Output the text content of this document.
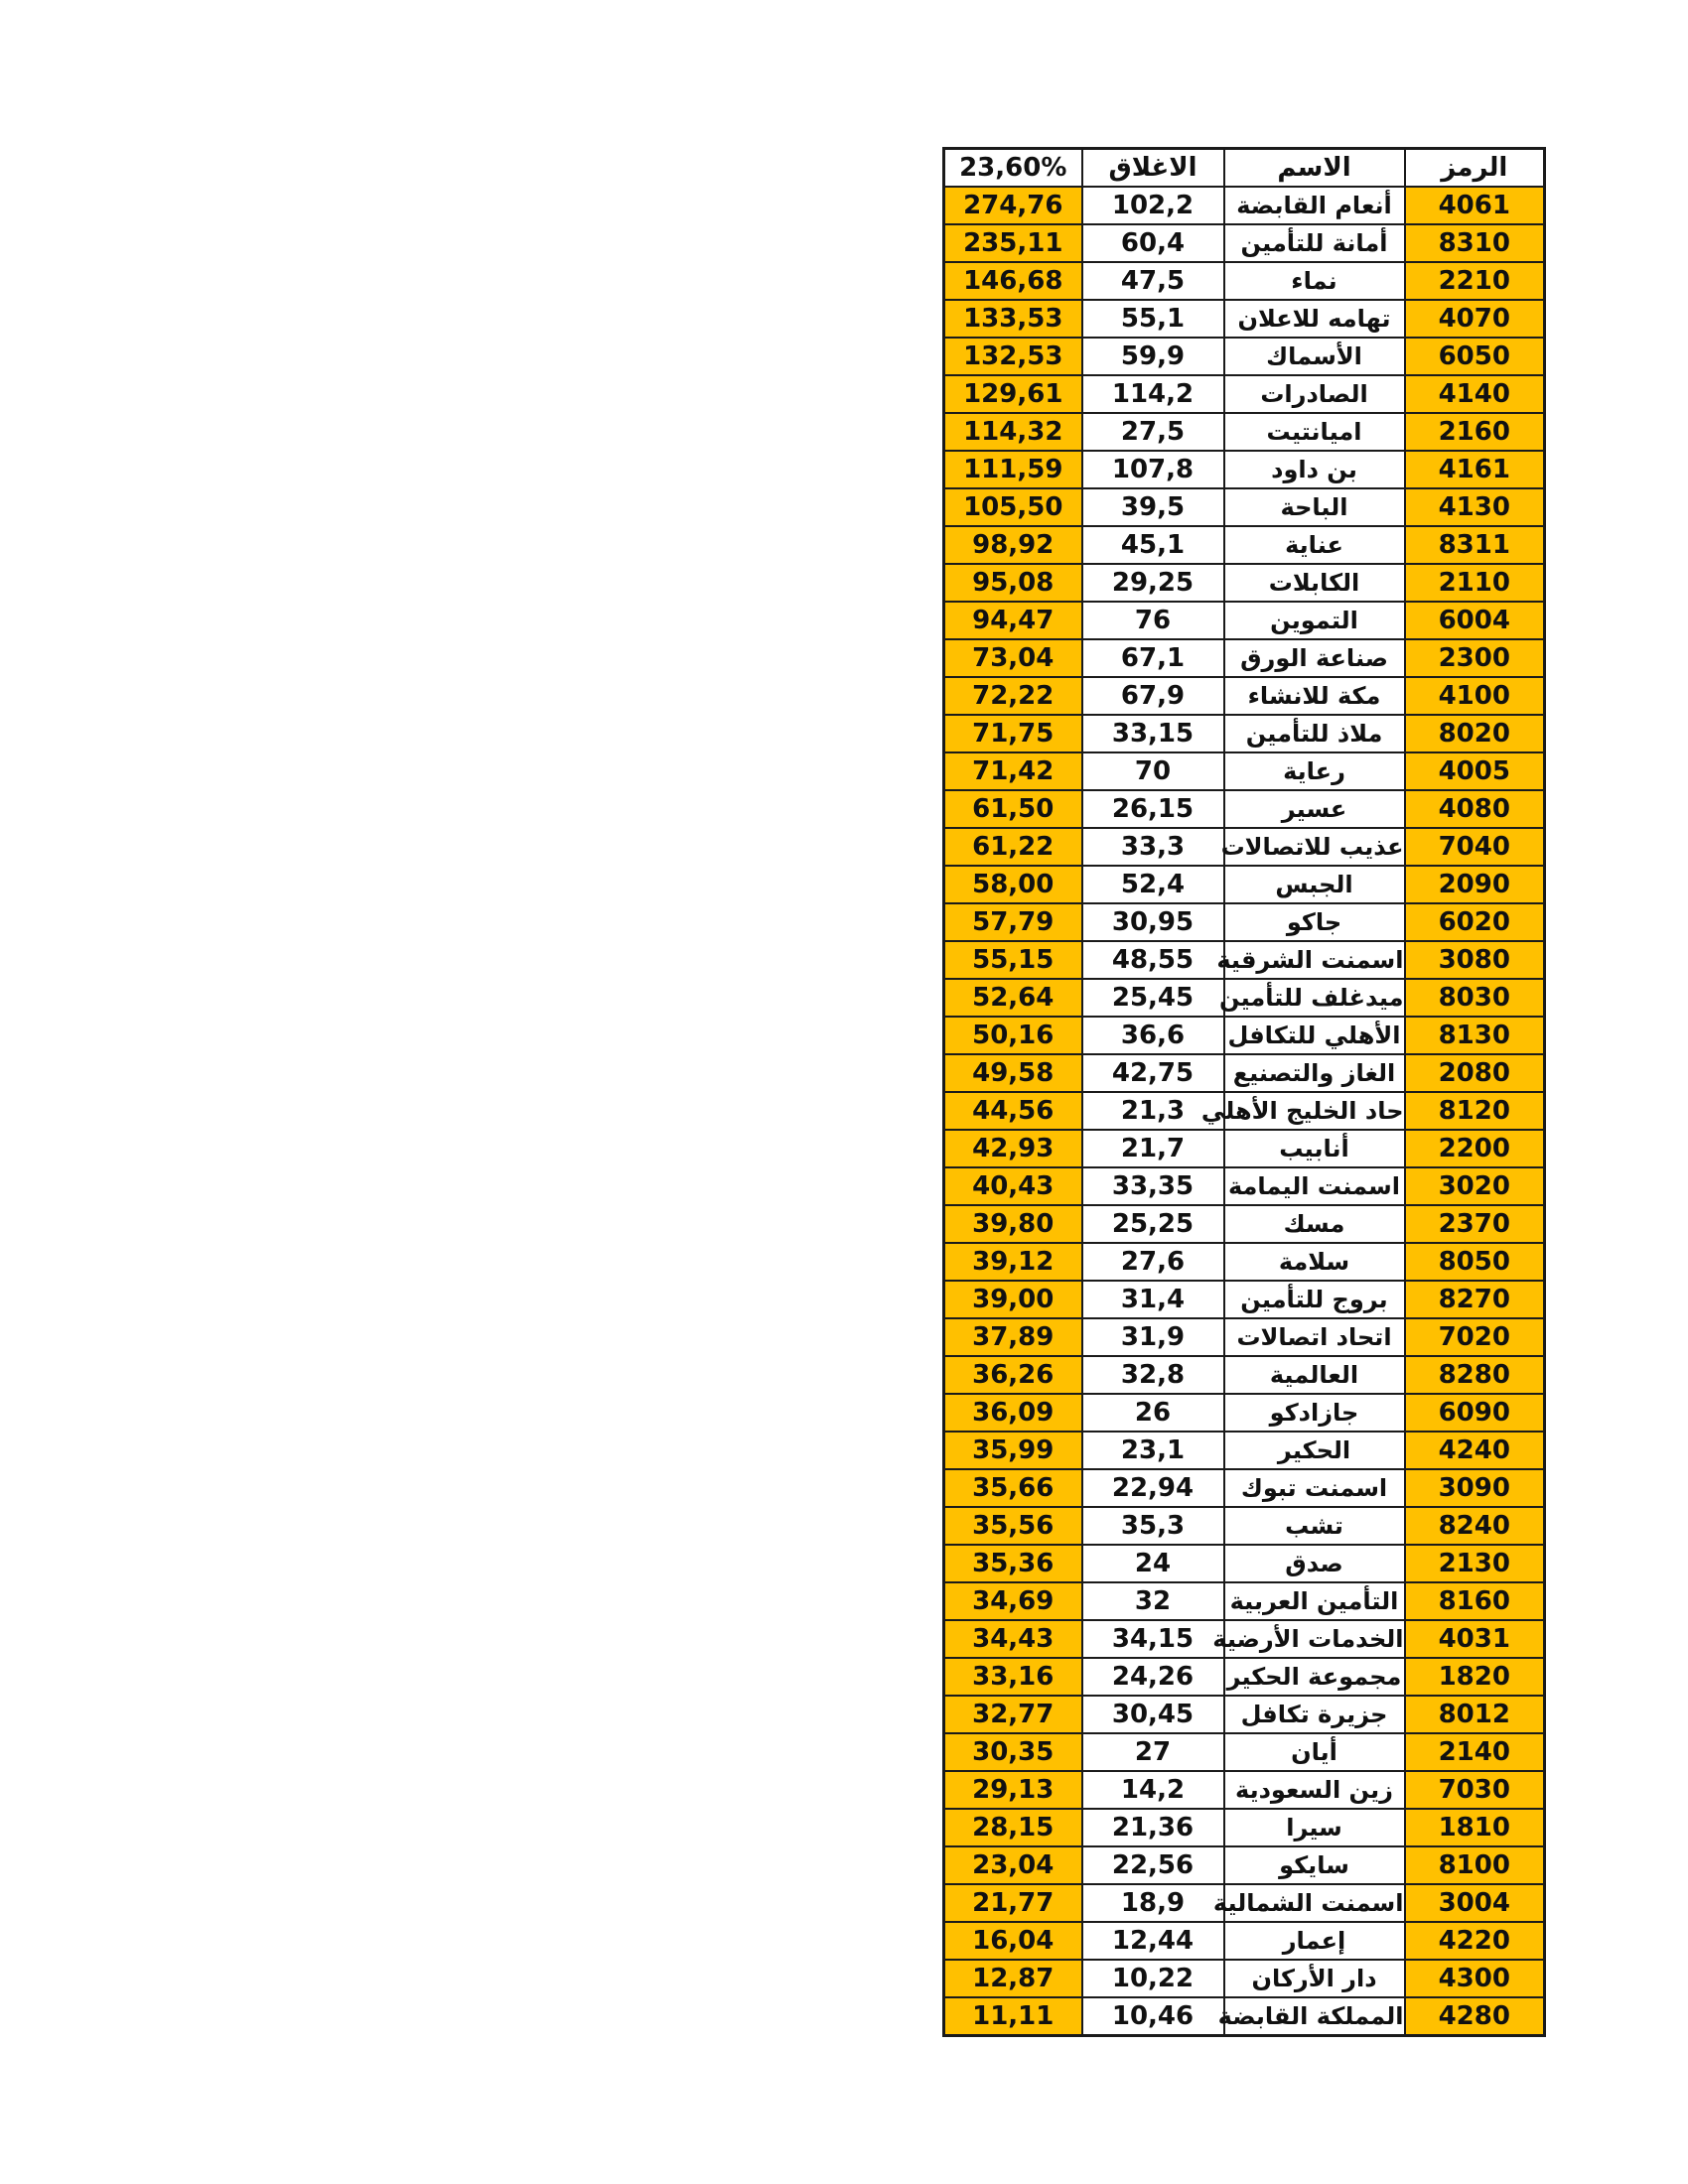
23,60%	الاغلاق	الاسم	الرمز
274,76	102,2	أنعام القابضة	4061
235,11	60,4	أمانة للتأمين	8310
146,68	47,5	نماء	2210
133,53	55,1	تهامه للاعلان	4070
132,53	59,9	الأسماك	6050
129,61	114,2	الصادرات	4140
114,32	27,5	اميانتيت	2160
111,59	107,8	بن داود	4161
105,50	39,5	الباحة	4130
98,92	45,1	عناية	8311
95,08	29,25	الكابلات	2110
94,47	76	التموين	6004
73,04	67,1	صناعة الورق	2300
72,22	67,9	مكة للانشاء	4100
71,75	33,15	ملاذ للتأمين	8020
71,42	70	رعاية	4005
61,50	26,15	عسير	4080
61,22	33,3	عذيب للاتصالات	7040
58,00	52,4	الجبس	2090
57,79	30,95	جاكو	6020
55,15	48,55	اسمنت الشرقية	3080
52,64	25,45	ميدغلف للتأمين	8030
50,16	36,6	الأهلي للتكافل	8130
49,58	42,75	الغاز والتصنيع	2080
44,56	21,3	حاد الخليج الأهلي	8120
42,93	21,7	أنابيب	2200
40,43	33,35	اسمنت اليمامة	3020
39,80	25,25	مسك	2370
39,12	27,6	سلامة	8050
39,00	31,4	بروج للتأمين	8270
37,89	31,9	اتحاد اتصالات	7020
36,26	32,8	العالمية	8280
36,09	26	جازادكو	6090
35,99	23,1	الحكير	4240
35,66	22,94	اسمنت تبوك	3090
35,56	35,3	تشب	8240
35,36	24	صدق	2130
34,69	32	التأمين العربية	8160
34,43	34,15	الخدمات الأرضية	4031
33,16	24,26	مجموعة الحكير	1820
32,77	30,45	جزيرة تكافل	8012
30,35	27	أيان	2140
29,13	14,2	زين السعودية	7030
28,15	21,36	سيرا	1810
23,04	22,56	سايكو	8100
21,77	18,9	اسمنت الشمالية	3004
16,04	12,44	إعمار	4220
12,87	10,22	دار الأركان	4300
11,11	10,46	المملكة القابضة	4280
